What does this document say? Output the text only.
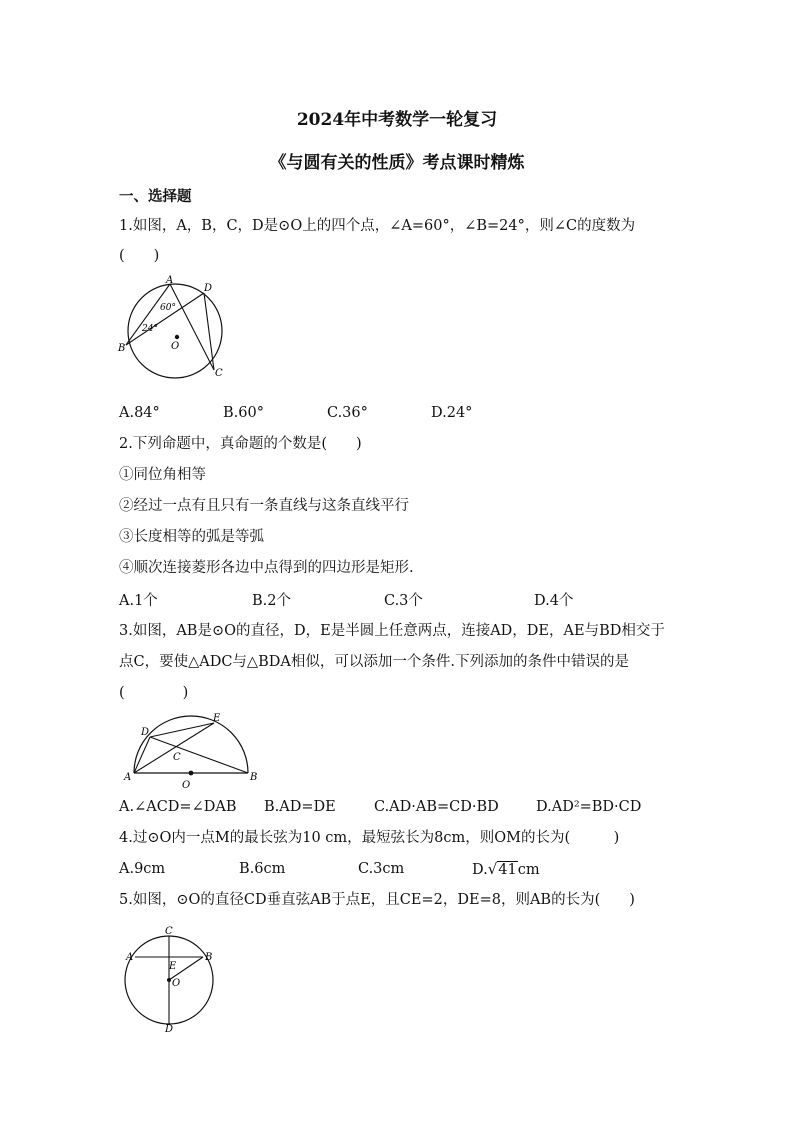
2024年中考数学一轮复习
《与圆有关的性质》考点课时精炼
一、选择题
1.如图，A，B，C，D是⊙O上的四个点，∠A=60°，∠B=24°，则∠C的度数为
(　　)
A
D
B	O
C
60°
24°
A.84°	B.60°	C.36°	D.24°
2.下列命题中，真命题的个数是(　　)
①同位角相等
②经过一点有且只有一条直线与这条直线平行
③长度相等的弧是等弧
④顺次连接菱形各边中点得到的四边形是矩形.
A.1个	B.2个	C.3个	D.4个
3.如图，AB是⊙O的直径，D，E是半圆上任意两点，连接AD，DE，AE与BD相交于
点C，要使△ADC与△BDA相似，可以添加一个条件.下列添加的条件中错误的是
(　　　　)
D
E
C
A
O
B
A.∠ACD=∠DAB B.AD=DE	C.AD·AB=CD·BD	D.AD²=BD·CD
4.过⊙O内一点M的最长弦为10 cm，最短弦长为8cm，则OM的长为(　　　)
A.9cm	B.6cm	C.3cm	D.√41cm
5.如图，⊙O的直径CD垂直弦AB于点E，且CE=2，DE=8，则AB的长为(　　)
C
A
E
B
O
D
